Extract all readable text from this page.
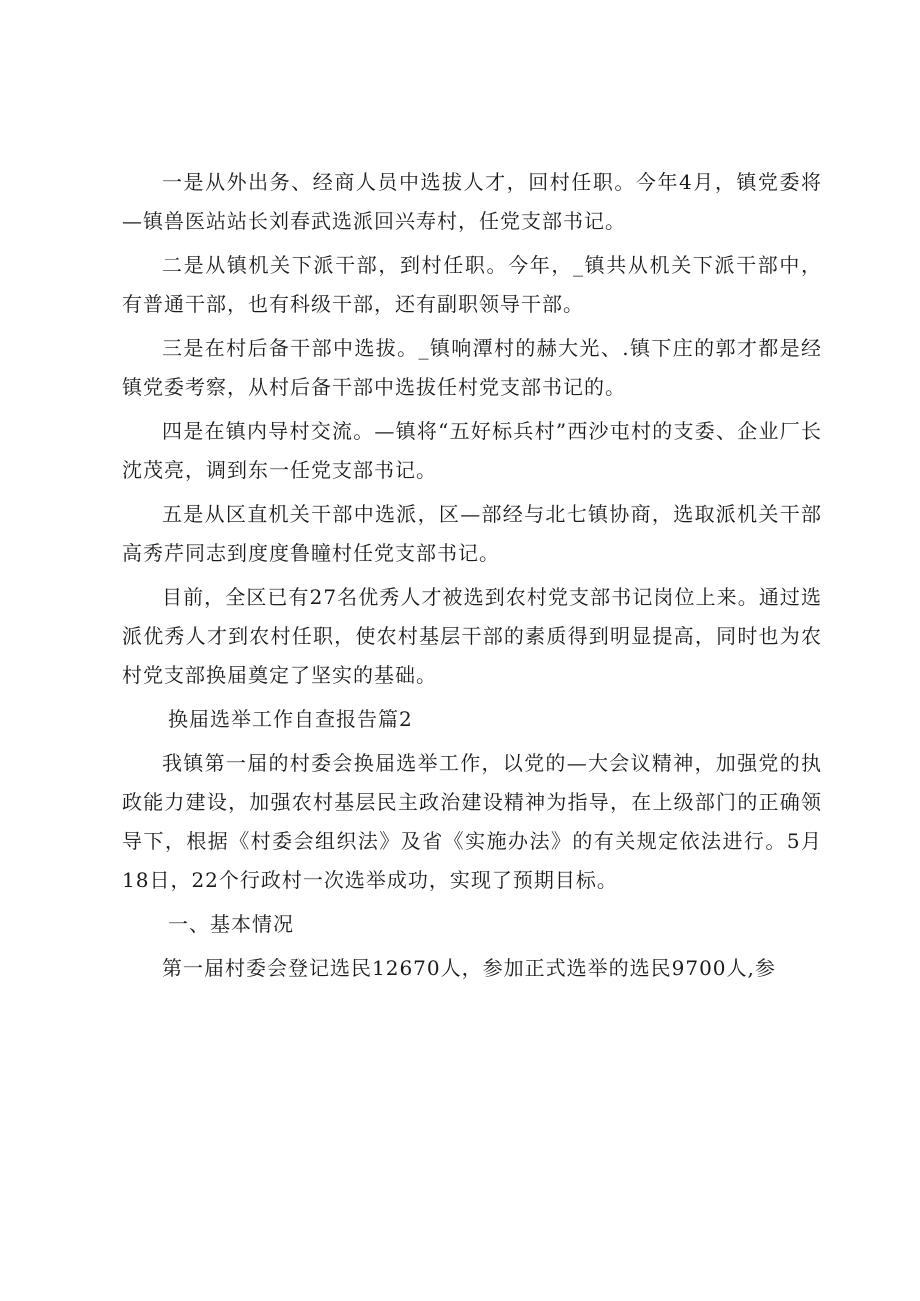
一是从外出务、经商人员中选拔人才，回村任职。今年4月，镇党委将—镇兽医站站长刘春武选派回兴寿村，任党支部书记。

二是从镇机关下派干部，到村任职。今年，_镇共从机关下派干部中，有普通干部，也有科级干部，还有副职领导干部。

三是在村后备干部中选拔。_镇响潭村的赫大光、.镇下庄的郭才都是经镇党委考察，从村后备干部中选拔任村党支部书记的。

四是在镇内导村交流。—镇将“五好标兵村”西沙屯村的支委、企业厂长沈茂亮，调到东一任党支部书记。

五是从区直机关干部中选派，区—部经与北七镇协商，选取派机关干部高秀芹同志到度度鲁瞳村任党支部书记。

目前，全区已有27名优秀人才被选到农村党支部书记岗位上来。通过选派优秀人才到农村任职，使农村基层干部的素质得到明显提高，同时也为农村党支部换届奠定了坚实的基础。

换届选举工作自查报告篇2

我镇第一届的村委会换届选举工作，以党的—大会议精神，加强党的执政能力建设，加强农村基层民主政治建设精神为指导，在上级部门的正确领导下，根据《村委会组织法》及省《实施办法》的有关规定依法进行。5月18日，22个行政村一次选举成功，实现了预期目标。

一、基本情况

第一届村委会登记选民12670人，参加正式选举的选民9700人,参
